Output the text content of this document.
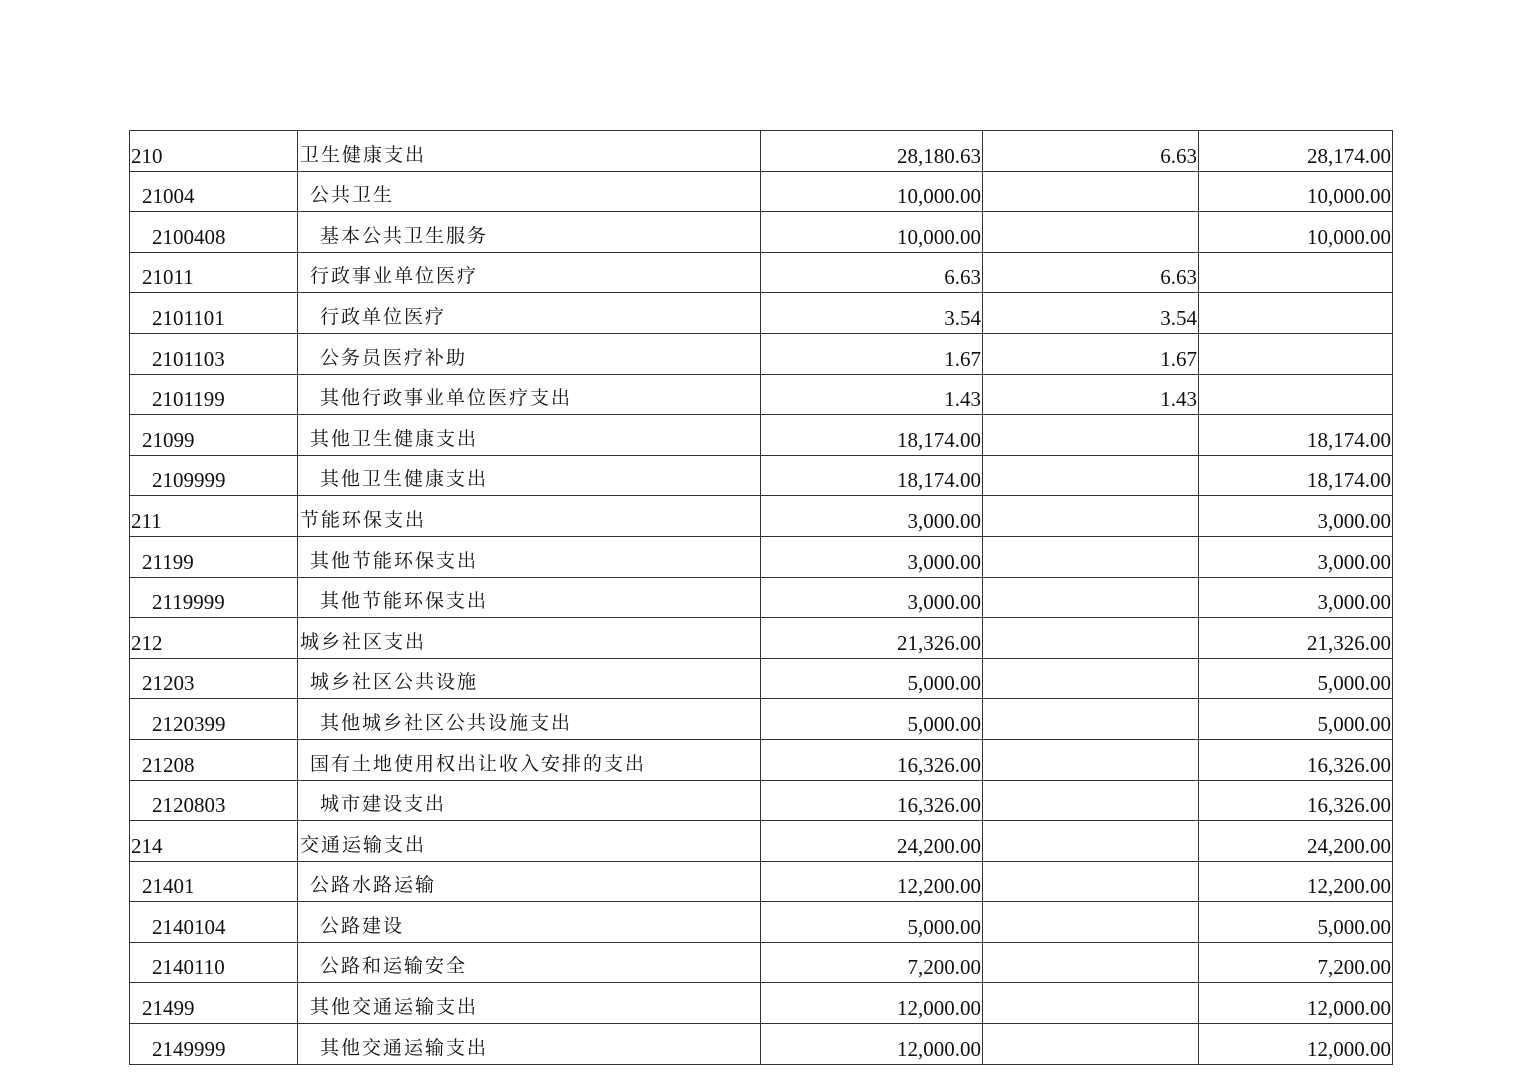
210	卫生健康支出	28,180.63	6.63	28,174.00
21004	公共卫生	10,000.00		10,000.00
2100408	基本公共卫生服务	10,000.00		10,000.00
21011	行政事业单位医疗	6.63	6.63	
2101101	行政单位医疗	3.54	3.54	
2101103	公务员医疗补助	1.67	1.67	
2101199	其他行政事业单位医疗支出	1.43	1.43	
21099	其他卫生健康支出	18,174.00		18,174.00
2109999	其他卫生健康支出	18,174.00		18,174.00
211	节能环保支出	3,000.00		3,000.00
21199	其他节能环保支出	3,000.00		3,000.00
2119999	其他节能环保支出	3,000.00		3,000.00
212	城乡社区支出	21,326.00		21,326.00
21203	城乡社区公共设施	5,000.00		5,000.00
2120399	其他城乡社区公共设施支出	5,000.00		5,000.00
21208	国有土地使用权出让收入安排的支出	16,326.00		16,326.00
2120803	城市建设支出	16,326.00		16,326.00
214	交通运输支出	24,200.00		24,200.00
21401	公路水路运输	12,200.00		12,200.00
2140104	公路建设	5,000.00		5,000.00
2140110	公路和运输安全	7,200.00		7,200.00
21499	其他交通运输支出	12,000.00		12,000.00
2149999	其他交通运输支出	12,000.00		12,000.00
